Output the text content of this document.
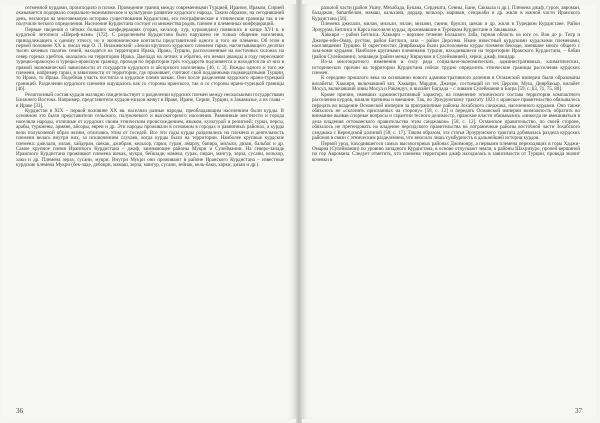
сегменной курдами, происходило и позже. Проведение границ между современными Турцией, Ираном, Ираком, Сирией оказывается подорвало социально-экономическое и культурное развитие курдского народа. Таким образом, на сегодняшний день, несмотря на многовековую историю существования Курдистана, его географические и этнические границы так и не получили четкого определения. Население Курдистана состоит из множества родов, племен и племенных конфедераций.

Первые сведения о чётких больших конфедерациях (горан, кельхор, лур, курманджи) появились в конце XVI в. в курдской летописи «Шереф-наме» [172]. С разделением Курдистана было нарушено не только общение населения, принадлежащего к одному этносу, но и экономические контакты представителей одного и того же племени. Об этом в первой половине XX в. писал еще О. Л. Вильчевский: «Земли крупного курдского племени гарки, насчитывающего десятки тысяч кочевых палаток семей, находятся на территории Ирака, Ирана, Турции, расположенные на восточных склонах на север горных хребтов, оказались на территории Ирака. Джеладх на летних и обратно, его немки дважды в году пересекают турецко-иракскую и турецко-иранскую границу, проходя по территории трёх государств подчиняется и находятся ли от них в прямой экономической зависимости от государств курдского и айсорского населения» [46, с. 3]. Вожды одного и того же племени, например гарки, в зависимости от территории, где проживает, считают свой подданными подмандатными Турции, то Ирана, то Ирака. Подобная участь постигла и курдское племя шекак. Они после разделения курдского ирано-турецкой границей. Разделение курдского племени ощущалось как со стороны иранского, так и со стороны ирано-турецкой границы [46].

Религиозный состав курдов наглядно свидетельствует о разделении курдских племен между несколькими государствами Ближнего Востока. Например, представители курдов-езидов живут в Ираке, Иране, Сирии, Турции, в Закавказье, а их глава – в Ираке [33].

Курдистан в XIX – первой половине XX вв. населяли разные народы, преобладающим населением были курды. В основном это были представители сельского, полукочевого и высокогорного населения. Равнинные местности и города населяли народы, отличные от курдских своим этническим происхождением, языком, культурой и религией: турки, персы, арабы, туркмены, армяне, айсоры, евреи и др. Эти народы проживали в основном в городах и равнинных районах, а курды вели полукочевой образ жизни, отличаясь этим от соседей. Все эти годы курды разделялись на племена и деятельность племени велась внутри них, за исключением случаев, когда курды были на территории. Наиболее крупные курдские племена: джелали, зилан, хайдеран, шекак, джибран, кельхор, гарки, гуран, амарлу, бапира, мильли, дизаи, бальбас и др. Самое крупное племя Иранского Курдистана – джаф, занимающее районы Мукри и Сулеймании. На северо-западе Иранского Курдистана проживают племена шекак, мукри, бейкзаде, мамеш, гурак, пиран, мангур, зерза, сусани, кельхор, хаки и др. Племена зерза, сусани, мукри. Внутри Мукри они проживают в районе Иранского Курдистана – известные курдские племена Мукри (бек-заде, дебокри, мамаш, зерза, мангур, сусани, зейнак, кель-баки, харки, дизаи и др.).

36

ральной части (район Ушну, Мехабада, Букана, Сердешта, Сенны, Бане, Саккыза и др.). Племена джаф, гурон, авроман, баладжан, бапапбелин, мамаш, кальхани, дордар, кельхор, мариван, сенджаби и др. жили в южной части Иранского Курдистана [56].

Племена джелали, милан, мильли, зилан, милани, синни, брукли, шекак и др. жили в Турецком Курдистане. Район Эрзурума, Битлиса и Карса населяли курды, проживавшие в Турецком Курдистане и Закавказье.

Хаккяри – район Битлиса. Хаккяри – верхнее течение Большого Заба, горная область на юге оз. Ван до р. Тигр и Джизре-ибн-Омар, рустам, район Битлиса, заза – район Дерсима. Ныне известный курдскими курдскими племенами, населявшими Турцию. В окрестностях Диярбакыра были расположены курды племени бекзаде, имевшие много общего с заза-коми курдами. Наиболее крупными племенами турции, находившиеся на территории Иракского Курдистана, – бабан (район Сулеймании), хешаведи (район между Киркуком и Сулейманией), херки, джаф, пишдар.

Из-за многократного изменения в силу ряда социально-экономических, административных, климатических, исторических причин на территории Курдистана сейчас трудно определить этнические границы расселения курдских племен.

К середине прошлого века на основании нового административного деления в Османской империи были образованы вилайеты: Хаккяри, включавший зап. Хаккяри, Мардин, Джизре, состоящий из тех Дерсим, Муш, Диярбакыр, вилайет Мосул, включавший ливы Мосул и Ракандуз, и вилайет Багдада – с ливами Сулеймания и Басра [59, с. 63, 71, 75, 80].

Кроме причин, имевших административный характер, на изменение этнического состава территории компактного расселения курдов, влияли причины и внешние. Так, по Эрзурумскому трактату 1823 г. иранское правительство обязывалось передать во владение Османской империи за приграничные районы Зохабского санджака, населенного курдами. Оно также обязалось не «склонять присланных на сторону» [58, с. 12] и передать Османской империи возможность обратить во внимание вызвав спорные вопросы и гарантии тесного делимостр, иранские власти обязывались «никогда не вмешиваться в дела владения оттоманского правительства этим санджаком» [58, с. 12]. Османское правительство, по своей стороне, обязалось не претендовать на владение персидского правительства на пограничные районы восточной части Зохабского санджака с Керендской долиной [58, с. 17]. Таким образом, эта статья Эрзурумского трактата добивалась раздела курдских районов в связи с этническим разделением, что вносило лишь сумбурность в дальнейшей истории курдов.

Первой урод, находившегося самых высокогорных районах Джимонру, а первыми племена переходящих в горы Хаджи-Омарна (Сулеймании) по уровню западного Курдистана, в основе отпускают земли, к районы Шахризуро, прочей вершиной по гор Авромана. Следует отметить, что племена территории джаф находилась в зависимости от Турции, провода значит кочевки в

37
